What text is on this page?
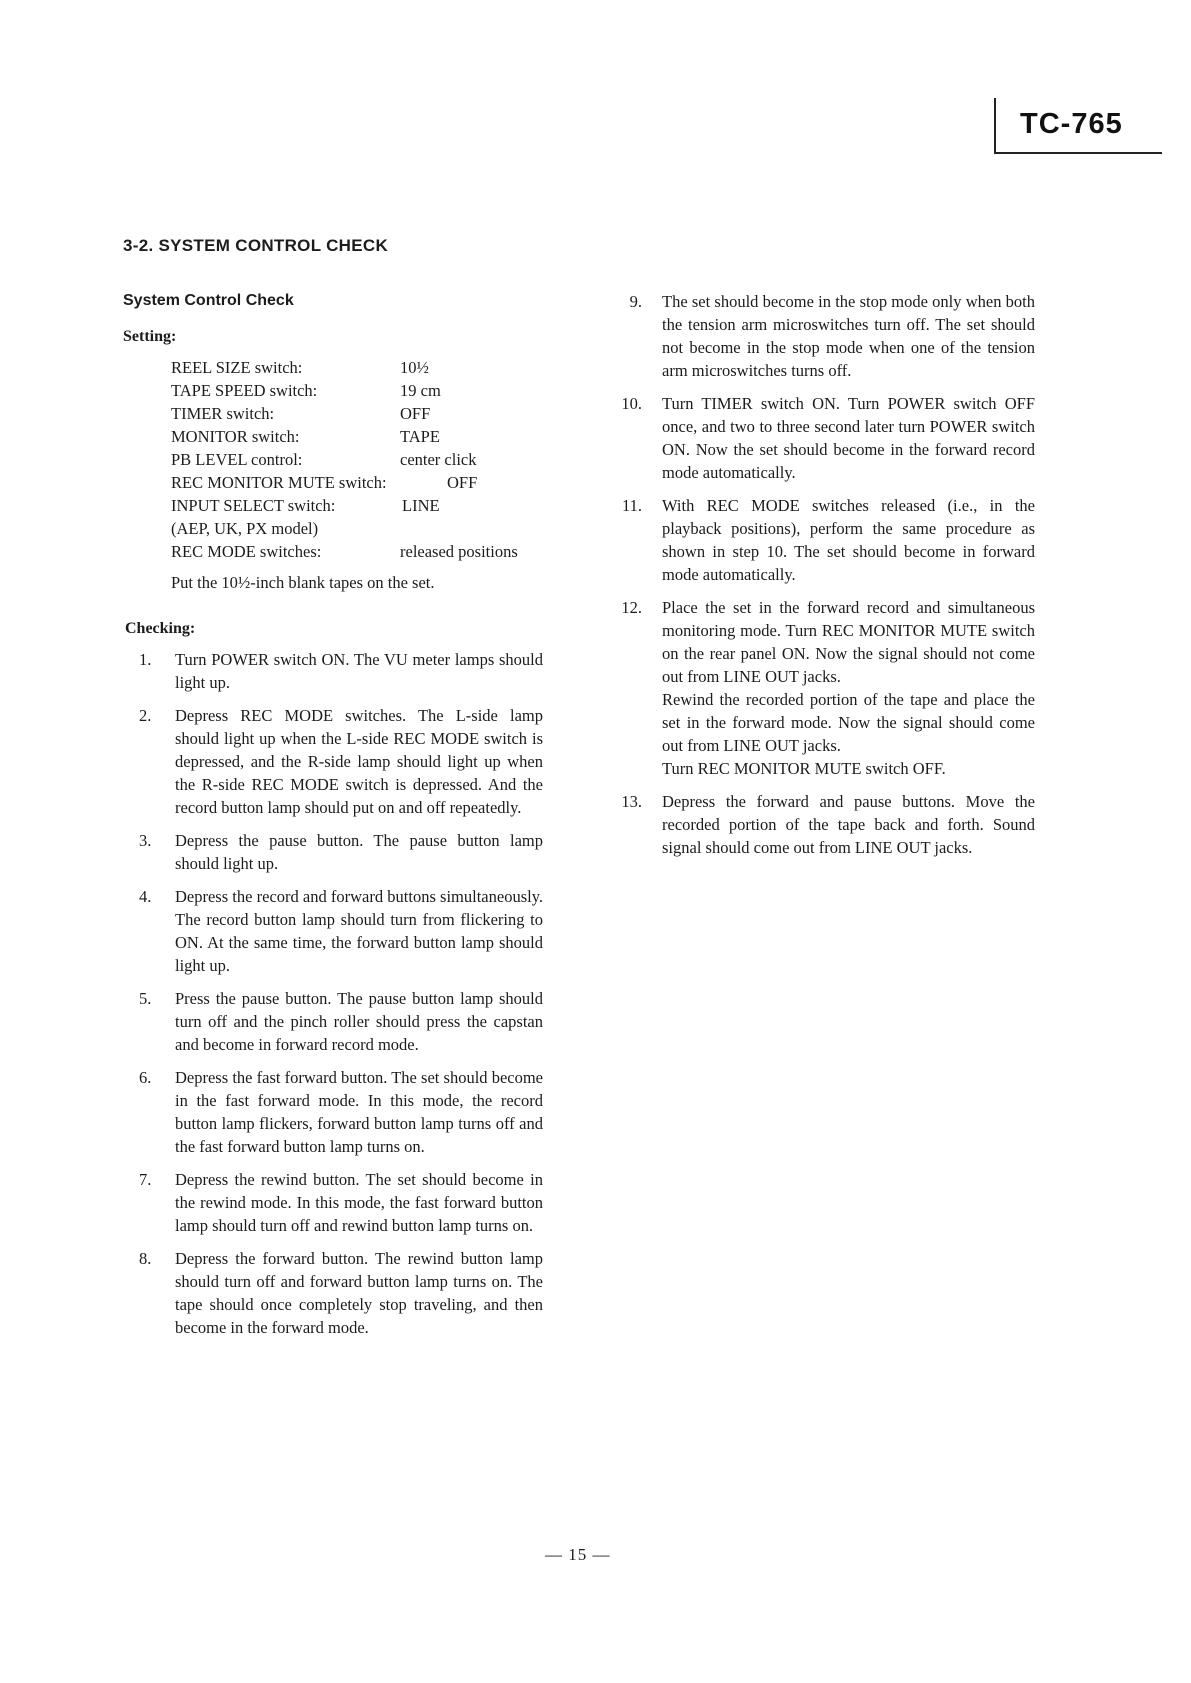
TC-765
3-2. SYSTEM CONTROL CHECK
System Control Check
Setting:
REEL SIZE switch:	10½
TAPE SPEED switch:	19 cm
TIMER switch:	OFF
MONITOR switch:	TAPE
PB LEVEL control:	center click
REC MONITOR MUTE switch:	OFF
INPUT SELECT switch:	LINE
(AEP, UK, PX model)
REC MODE switches:	released positions
Put the 10½-inch blank tapes on the set.
Checking:
1. Turn POWER switch ON. The VU meter lamps should light up.

2. Depress REC MODE switches. The L-side lamp should light up when the L-side REC MODE switch is depressed, and the R-side lamp should light up when the R-side REC MODE switch is depressed. And the record button lamp should put on and off repeatedly.

3. Depress the pause button. The pause button lamp should light up.

4. Depress the record and forward buttons simultaneously. The record button lamp should turn from flickering to ON. At the same time, the forward button lamp should light up.

5. Press the pause button. The pause button lamp should turn off and the pinch roller should press the capstan and become in forward record mode.

6. Depress the fast forward button. The set should become in the fast forward mode. In this mode, the record button lamp flickers, forward button lamp turns off and the fast forward button lamp turns on.

7. Depress the rewind button. The set should become in the rewind mode. In this mode, the fast forward button lamp should turn off and rewind button lamp turns on.

8. Depress the forward button. The rewind button lamp should turn off and forward button lamp turns on. The tape should once completely stop traveling, and then become in the forward mode.

9. The set should become in the stop mode only when both the tension arm microswitches turn off. The set should not become in the stop mode when one of the tension arm microswitches turns off.

10. Turn TIMER switch ON. Turn POWER switch OFF once, and two to three second later turn POWER switch ON. Now the set should become in the forward record mode automatically.

11. With REC MODE switches released (i.e., in the playback positions), perform the same procedure as shown in step 10. The set should become in forward mode automatically.

12. Place the set in the forward record and simultaneous monitoring mode. Turn REC MONITOR MUTE switch on the rear panel ON. Now the signal should not come out from LINE OUT jacks.
Rewind the recorded portion of the tape and place the set in the forward mode. Now the signal should come out from LINE OUT jacks.
Turn REC MONITOR MUTE switch OFF.

13. Depress the forward and pause buttons. Move the recorded portion of the tape back and forth. Sound signal should come out from LINE OUT jacks.

— 15 —
